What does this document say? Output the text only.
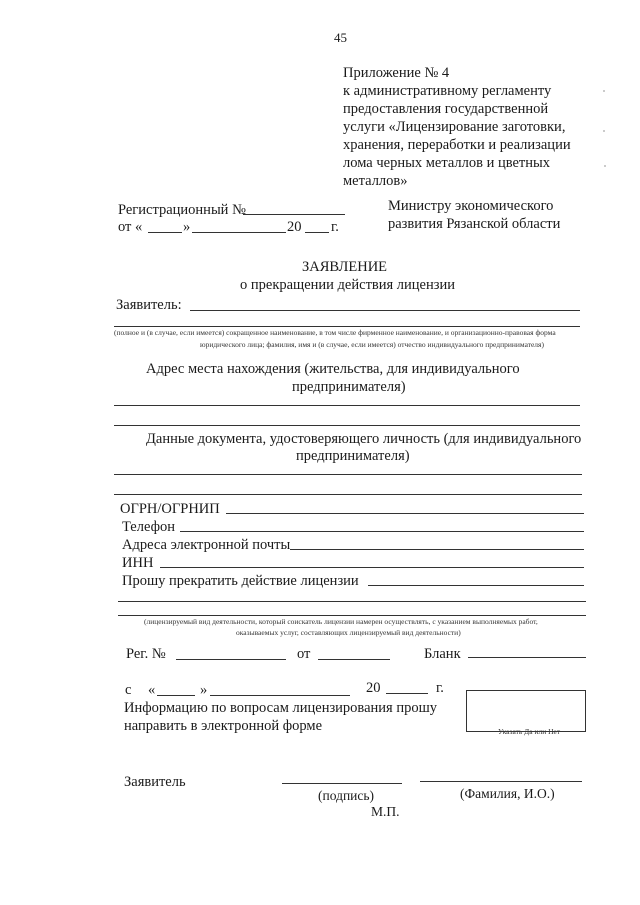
45
Приложение № 4
к административному регламенту
предоставления государственной
услуги «Лицензирование заготовки,
хранения, переработки и реализации
лома черных металлов и цветных
металлов»
Регистрационный №
от «	»	20 г.
Министру экономического
развития Рязанской области
ЗАЯВЛЕНИЕ
о прекращении действия лицензии
Заявитель:
(полное и (в случае, если имеется) сокращенное наименование, в том числе фирменное наименование, и организационно-правовая форма
юридического лица; фамилия, имя и (в случае, если имеется) отчество индивидуального предпринимателя)
Адрес места нахождения (жительства, для индивидуального
предпринимателя)
Данные документа, удостоверяющего личность (для индивидуального
предпринимателя)
ОГРН/ОГРНИП
Телефон
Адреса электронной почты
ИНН
Прошу прекратить действие лицензии
(лицензируемый вид деятельности, который соискатель лицензии намерен осуществлять, с указанием выполняемых работ,
оказываемых услуг, составляющих лицензируемый вид деятельности)
Рег. №	от	Бланк
с «	»	20	г.
Информацию по вопросам лицензирования прошу
направить в электронной форме	Указать Да или Нет
Заявитель
(подпись)	(Фамилия, И.О.)
М.П.
